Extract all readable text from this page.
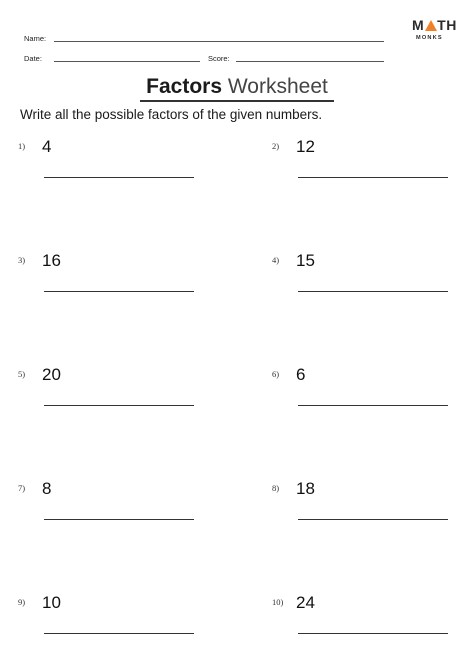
Name:
Date:	Score:
M TH
MONKS
Factors Worksheet
Write all the possible factors of the given numbers.
1) 4
3) 16
5) 20
7) 8
9) 10
2) 12
4) 15
6) 6
8) 18
10) 24
